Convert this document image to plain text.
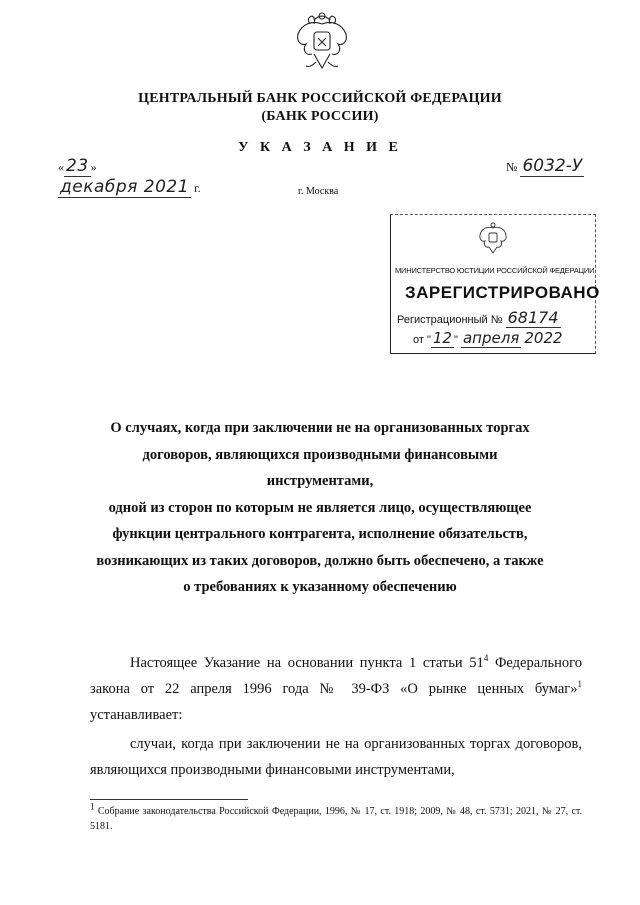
ЦЕНТРАЛЬНЫЙ БАНК РОССИЙСКОЙ ФЕДЕРАЦИИ
(БАНК РОССИИ)
У К А З А Н И Е
« 23 »декабря 2021 г.
№ 6032-У
г. Москва
МИНИСТЕРСТВО ЮСТИЦИИ РОССИЙСКОЙ ФЕДЕРАЦИИ
ЗАРЕГИСТРИРОВАНО
Регистрационный № 68174
от " 12 " апреля 2022
О случаях, когда при заключении не на организованных торгах
договоров, являющихся производными финансовыми
инструментами,
одной из сторон по которым не является лицо, осуществляющее
функции центрального контрагента, исполнение обязательств,
возникающих из таких договоров, должно быть обеспечено, а также
о требованиях к указанному обеспечению
Настоящее Указание на основании пункта 1 статьи $51^4$ Федерального закона от 22 апреля 1996 года № 39-ФЗ «О рынке ценных бумаг»$^1$ устанавливает:
случаи, когда при заключении не на организованных торгах договоров, являющихся производными финансовыми инструментами,
$^1$ Собрание законодательства Российской Федерации, 1996, № 17, ст. 1918; 2009, № 48, ст. 5731; 2021, № 27, ст. 5181.
